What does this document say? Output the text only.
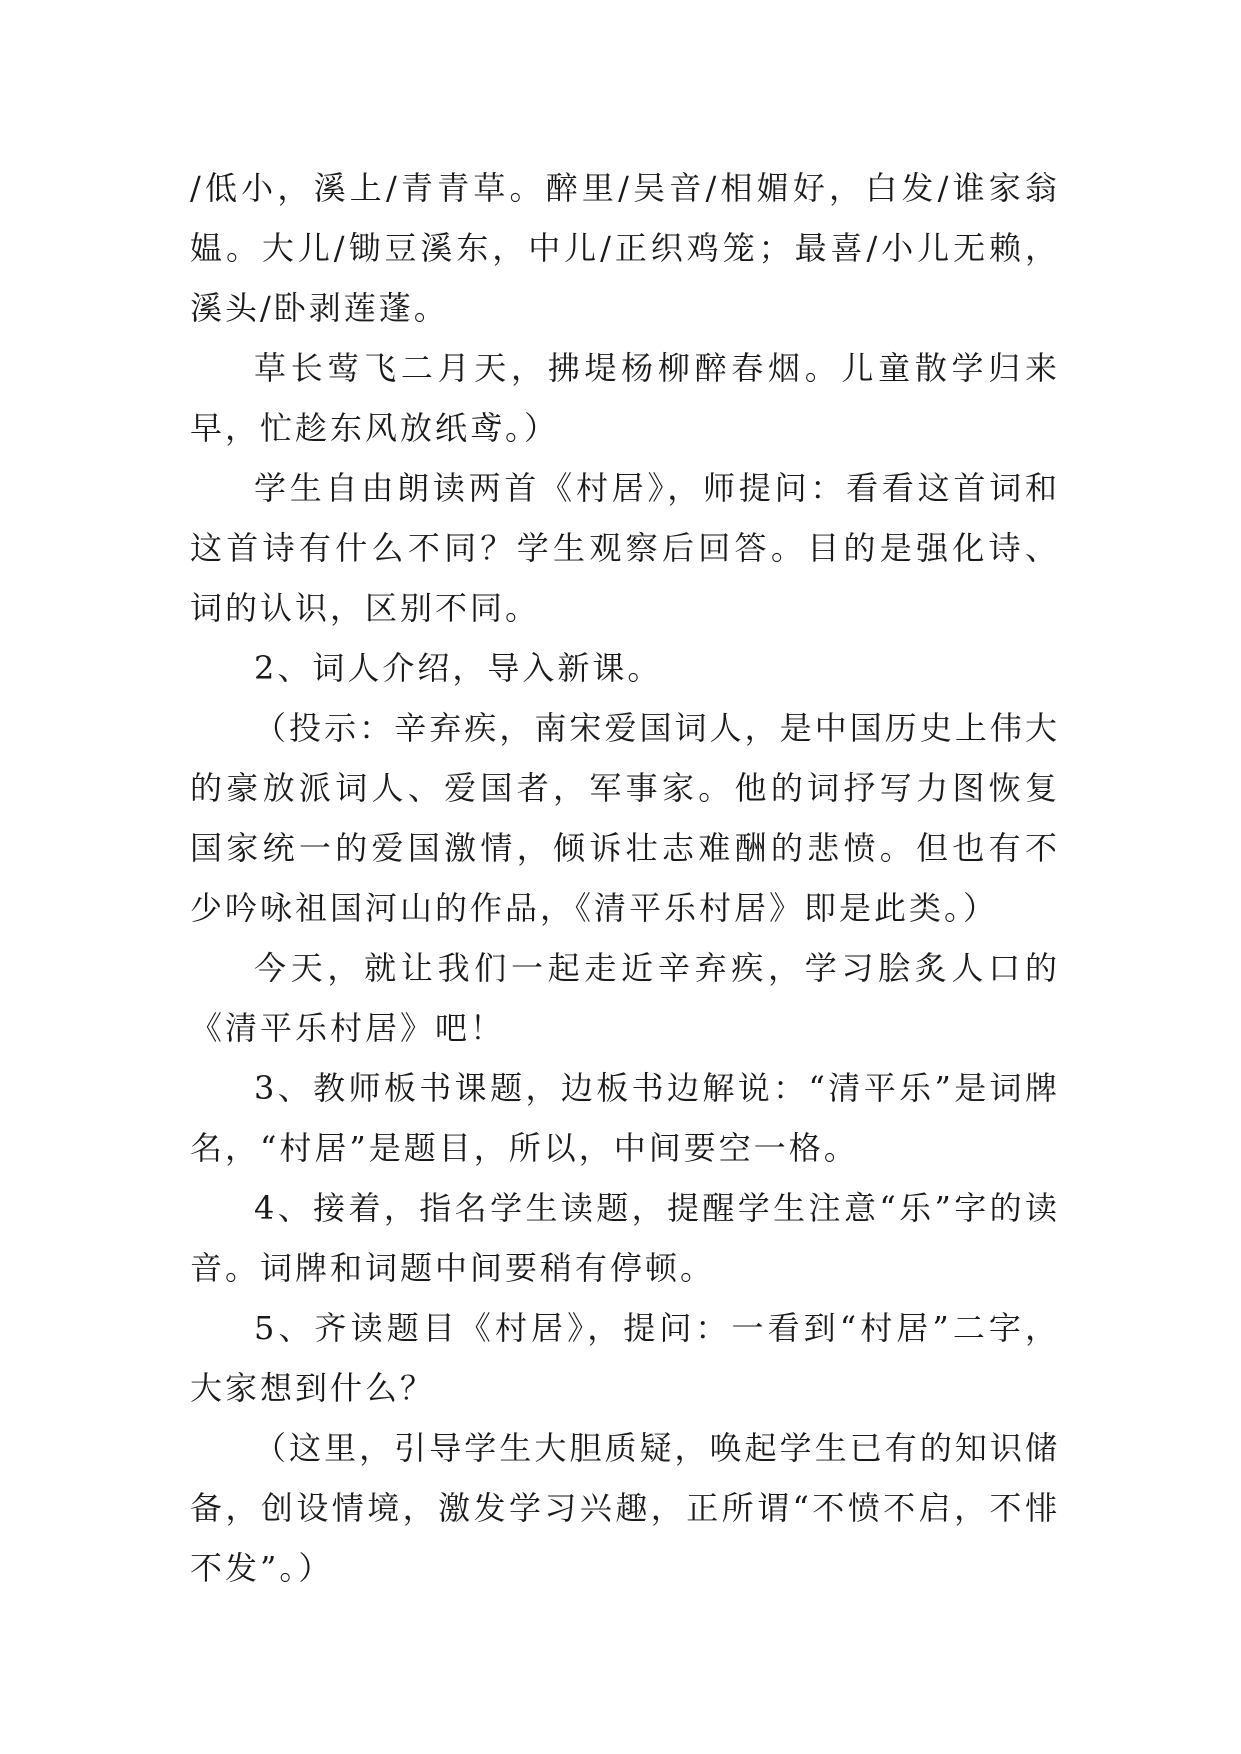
/低小，溪上/青青草。醉里/吴音/相媚好，白发/谁家翁媪。大儿/锄豆溪东，中儿/正织鸡笼；最喜/小儿无赖，溪头/卧剥莲蓬。

草长莺飞二月天，拂堤杨柳醉春烟。儿童散学归来早，忙趁东风放纸鸢。）

学生自由朗读两首《村居》，师提问：看看这首词和这首诗有什么不同？学生观察后回答。目的是强化诗、词的认识，区别不同。

2、词人介绍，导入新课。

（投示：辛弃疾，南宋爱国词人，是中国历史上伟大的豪放派词人、爱国者，军事家。他的词抒写力图恢复国家统一的爱国激情，倾诉壮志难酬的悲愤。但也有不少吟咏祖国河山的作品，《清平乐村居》即是此类。）

今天，就让我们一起走近辛弃疾，学习脍炙人口的《清平乐村居》吧！

3、教师板书课题，边板书边解说：“清平乐”是词牌名，“村居”是题目，所以，中间要空一格。

4、接着，指名学生读题，提醒学生注意“乐”字的读音。词牌和词题中间要稍有停顿。

5、齐读题目《村居》，提问：一看到“村居”二字，大家想到什么？

（这里，引导学生大胆质疑，唤起学生已有的知识储备，创设情境，激发学习兴趣，正所谓“不愤不启，不悱不发”。）
